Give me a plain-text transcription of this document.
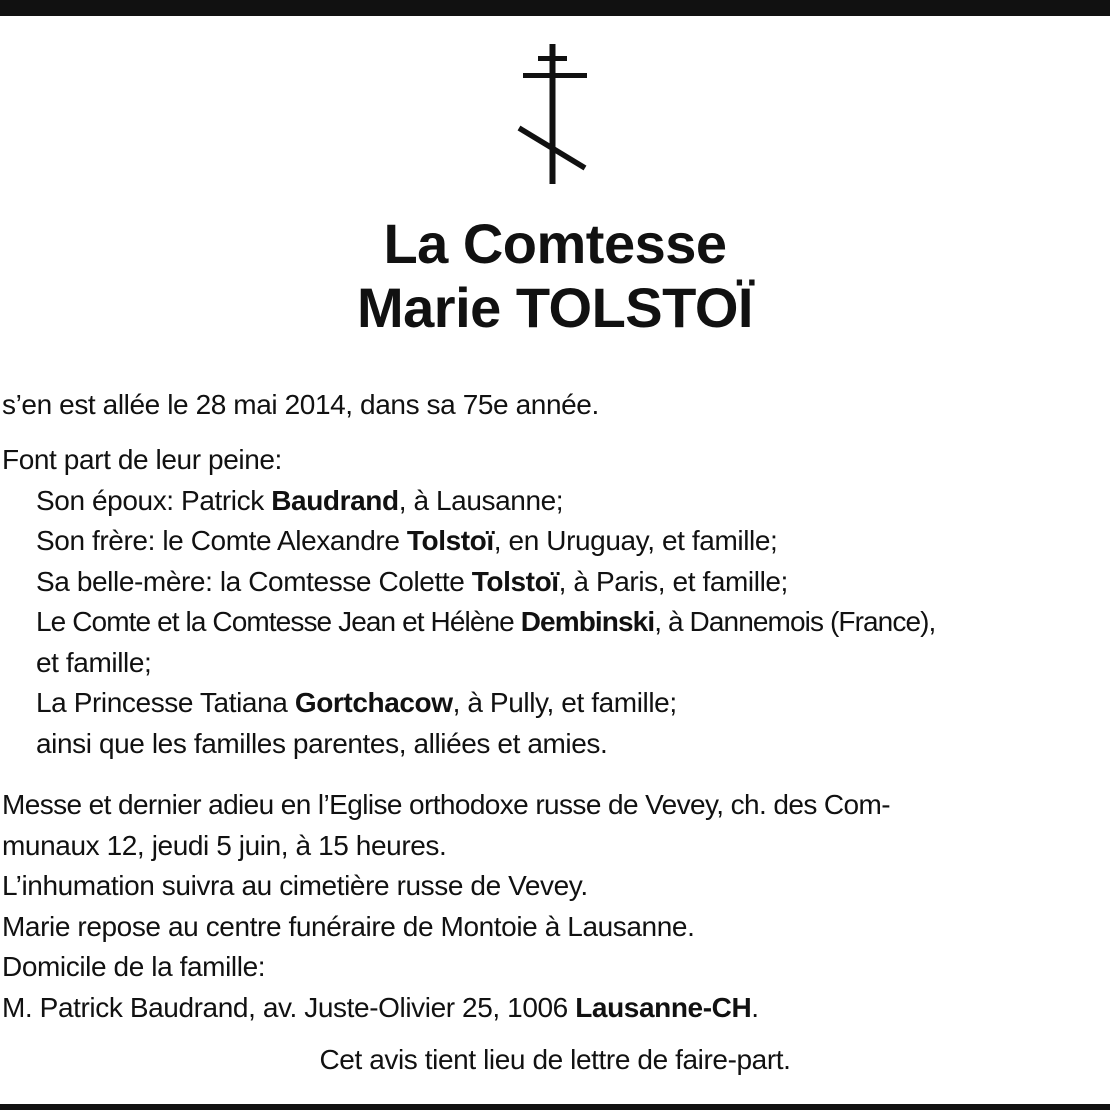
La Comtesse
Marie TOLSTOÏ
s’en est allée le 28 mai 2014, dans sa 75e année.
Font part de leur peine:
Son époux: Patrick Baudrand, à Lausanne;
Son frère: le Comte Alexandre Tolstoï, en Uruguay, et famille;
Sa belle-mère: la Comtesse Colette Tolstoï, à Paris, et famille;
Le Comte et la Comtesse Jean et Hélène Dembinski, à Dannemois (France),
et famille;
La Princesse Tatiana Gortchacow, à Pully, et famille;
ainsi que les familles parentes, alliées et amies.
Messe et dernier adieu en l’Eglise orthodoxe russe de Vevey, ch. des Com-
munaux 12, jeudi 5 juin, à 15 heures.
L’inhumation suivra au cimetière russe de Vevey.
Marie repose au centre funéraire de Montoie à Lausanne.
Domicile de la famille:
M. Patrick Baudrand, av. Juste-Olivier 25, 1006 Lausanne-CH.
Cet avis tient lieu de lettre de faire-part.
